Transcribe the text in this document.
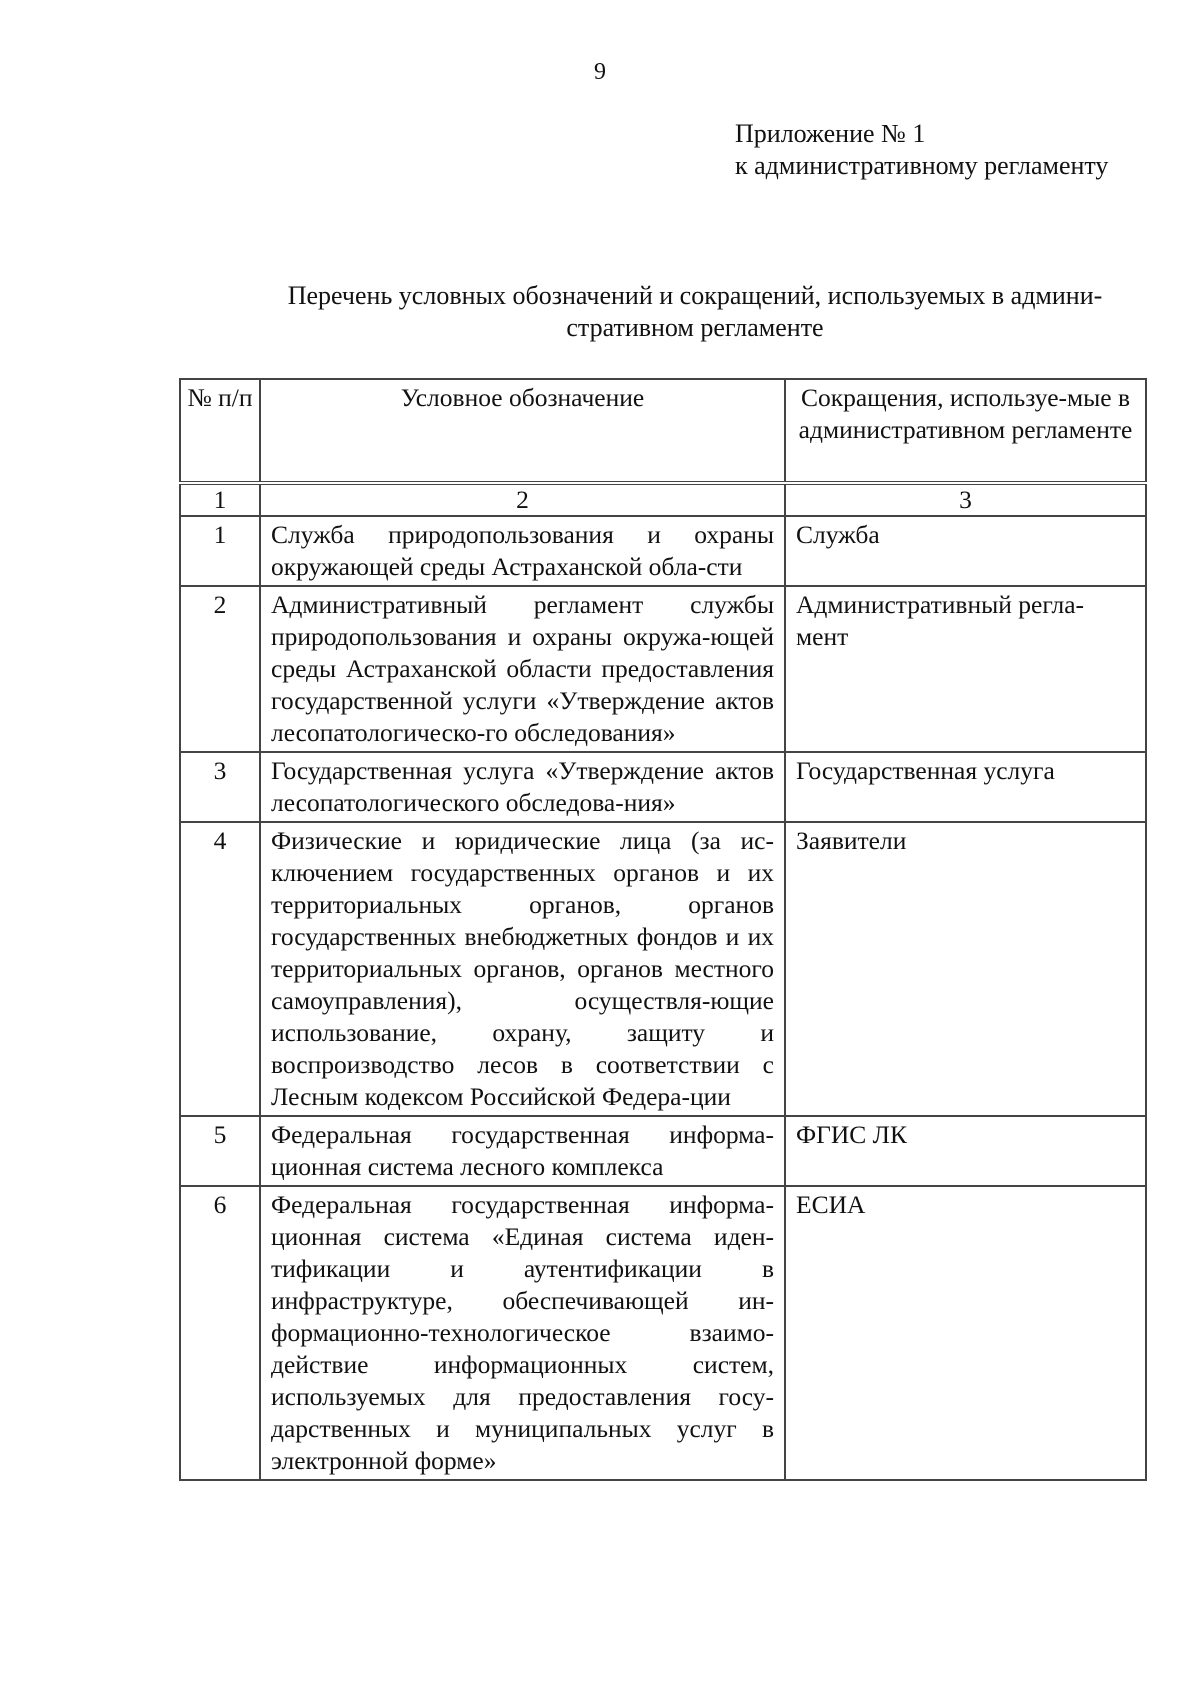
9
Приложение № 1
к административному регламенту
Перечень условных обозначений и сокращений, используемых в админи-
стративном регламенте
№ п/п	Условное обозначение	Сокращения, используе-мые в административном регламенте
1	2	3
1	Служба природопользования и охраны окружающей среды Астраханской обла-сти	Служба
2	Административный регламент службы природопользования и охраны окружа-ющей среды Астраханской области предоставления государственной услуги «Утверждение актов лесопатологическо-го обследования»	Административный регла-мент
3	Государственная услуга «Утверждение актов лесопатологического обследова-ния»	Государственная услуга
4	Физические и юридические лица (за ис-ключением государственных органов и их территориальных органов, органов государственных внебюджетных фондов и их территориальных органов, органов местного самоуправления), осуществля-ющие использование, охрану, защиту и воспроизводство лесов в соответствии с Лесным кодексом Российской Федера-ции	Заявители
5	Федеральная государственная информа-ционная система лесного комплекса	ФГИС ЛК
6	Федеральная государственная информа-ционная система «Единая система иден-тификации и аутентификации в инфраструктуре, обеспечивающей ин-формационно-технологическое взаимо-действие информационных систем, используемых для предоставления госу-дарственных и муниципальных услуг в электронной форме»	ЕСИА
